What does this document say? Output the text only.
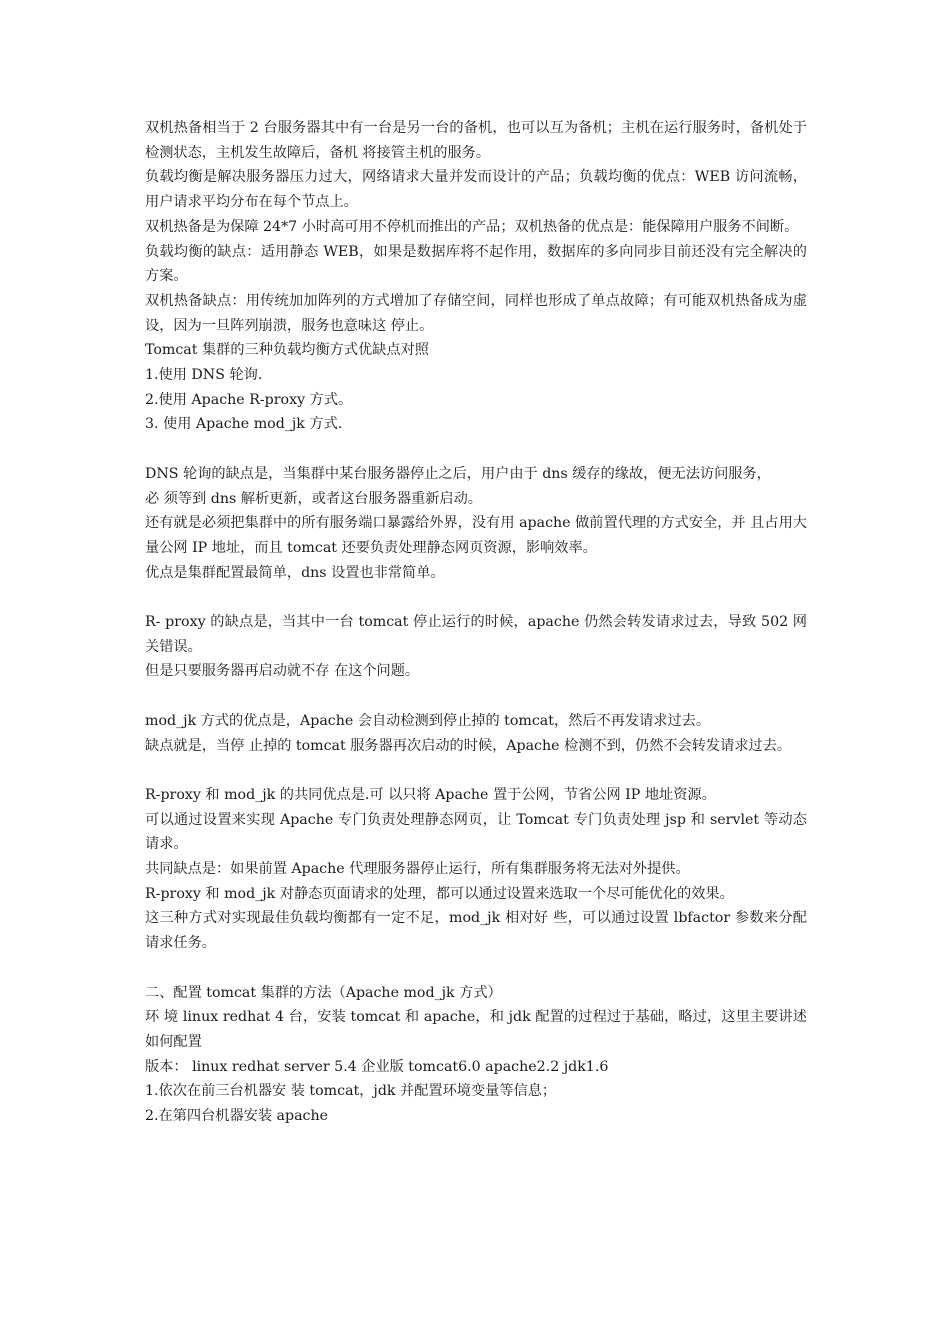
双机热备相当于 2 台服务器其中有一台是另一台的备机，也可以互为备机；主机在运行服务时，备机处于检测状态，主机发生故障后，备机 将接管主机的服务。

负载均衡是解决服务器压力过大，网络请求大量并发而设计的产品；负载均衡的优点：WEB 访问流畅，用户请求平均分布在每个节点上。

双机热备是为保障 24*7 小时高可用不停机而推出的产品；双机热备的优点是：能保障用户服务不间断。

负载均衡的缺点：适用静态 WEB，如果是数据库将不起作用，数据库的多向同步目前还没有完全解决的 方案。

双机热备缺点：用传统加加阵列的方式增加了存储空间，同样也形成了单点故障；有可能双机热备成为虚设，因为一旦阵列崩溃，服务也意味这 停止。

Tomcat 集群的三种负载均衡方式优缺点对照

1.使用 DNS 轮询.

2.使用 Apache R-proxy 方式。

3. 使用 Apache mod_jk 方式.

DNS 轮询的缺点是，当集群中某台服务器停止之后，用户由于 dns 缓存的缘故，便无法访问服务，

必 须等到 dns 解析更新，或者这台服务器重新启动。

还有就是必须把集群中的所有服务端口暴露给外界，没有用 apache 做前置代理的方式安全，并 且占用大量公网 IP 地址，而且 tomcat 还要负责处理静态网页资源，影响效率。

优点是集群配置最简单，dns 设置也非常简单。

R- proxy 的缺点是，当其中一台 tomcat 停止运行的时候，apache 仍然会转发请求过去，导致 502 网关错误。

但是只要服务器再启动就不存 在这个问题。

mod_jk 方式的优点是，Apache 会自动检测到停止掉的 tomcat，然后不再发请求过去。

缺点就是，当停 止掉的 tomcat 服务器再次启动的时候，Apache 检测不到，仍然不会转发请求过去。

R-proxy 和 mod_jk 的共同优点是.可 以只将 Apache 置于公网，节省公网 IP 地址资源。

可以通过设置来实现 Apache 专门负责处理静态网页，让 Tomcat 专门负责处理 jsp 和 servlet 等动态请求。

共同缺点是：如果前置 Apache 代理服务器停止运行，所有集群服务将无法对外提供。

R-proxy 和 mod_jk 对静态页面请求的处理，都可以通过设置来选取一个尽可能优化的效果。

这三种方式对实现最佳负载均衡都有一定不足，mod_jk 相对好 些，可以通过设置 lbfactor 参数来分配请求任务。

二、配置 tomcat 集群的方法（Apache mod_jk 方式）

环 境 linux redhat 4 台，安装 tomcat 和 apache，和 jdk 配置的过程过于基础，略过，这里主要讲述如何配置

版本： linux redhat server 5.4 企业版 tomcat6.0 apache2.2 jdk1.6

1.依次在前三台机器安 装 tomcat，jdk 并配置环境变量等信息；

2.在第四台机器安装 apache
